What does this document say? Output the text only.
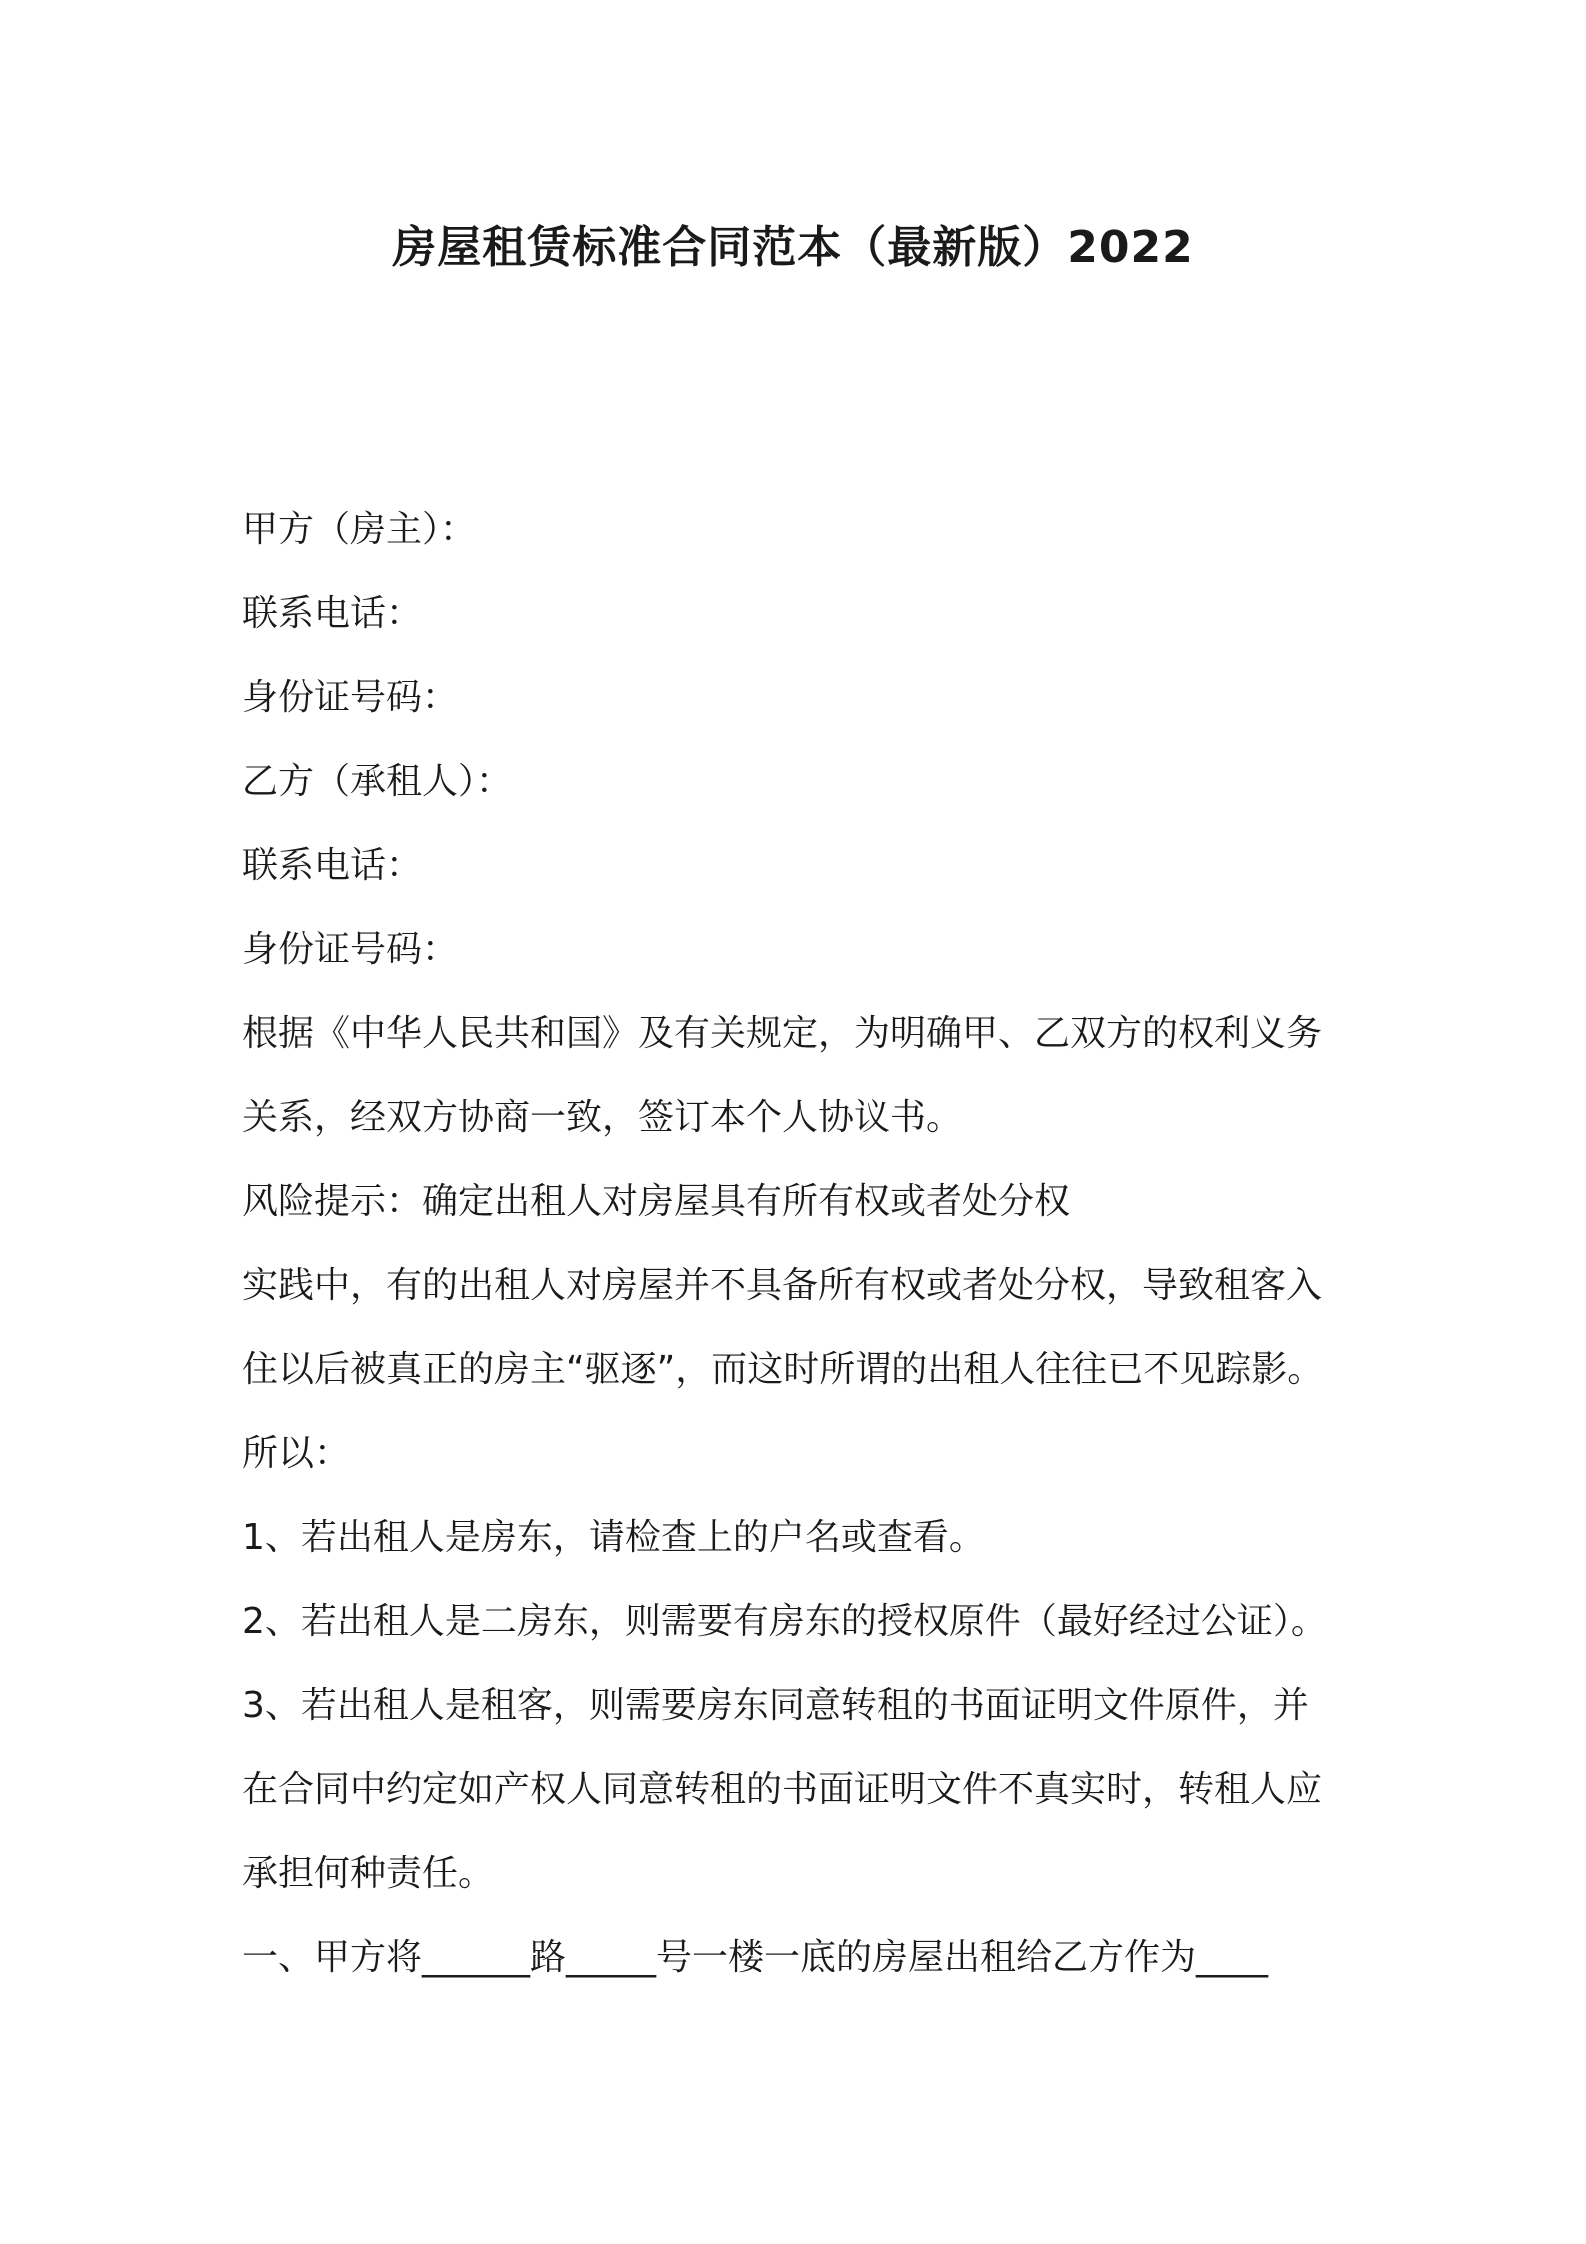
房屋租赁标准合同范本（最新版）2022

甲方（房主）：

联系电话：

身份证号码：

乙方（承租人）：

联系电话：

身份证号码：

根据《中华人民共和国》及有关规定，为明确甲、乙双方的权利义务

关系，经双方协商一致，签订本个人协议书。

风险提示：确定出租人对房屋具有所有权或者处分权

实践中，有的出租人对房屋并不具备所有权或者处分权，导致租客入

住以后被真正的房主“驱逐”，而这时所谓的出租人往往已不见踪影。

所以：

1、若出租人是房东，请检查上的户名或查看。

2、若出租人是二房东，则需要有房东的授权原件（最好经过公证）。

3、若出租人是租客，则需要房东同意转租的书面证明文件原件，并

在合同中约定如产权人同意转租的书面证明文件不真实时，转租人应

承担何种责任。

一、甲方将______路_____号一楼一底的房屋出租给乙方作为____
